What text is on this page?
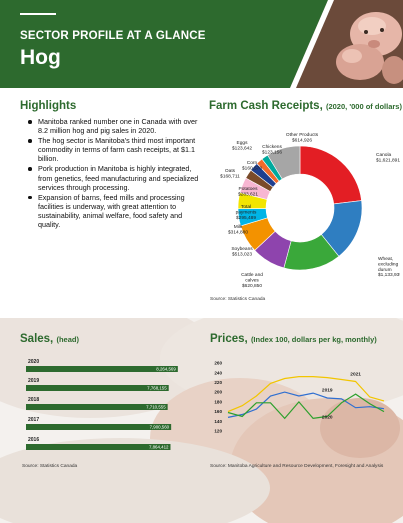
SECTOR PROFILE AT A GLANCE
Hog
Highlights
Manitoba ranked number one in Canada with over 8.2 million hog and pig sales in 2020.
The hog sector is Manitoba's third most important commodity in terms of farm cash receipts, at $1.1 billion.
Pork production in Manitoba is highly integrated, from genetics, feed manufacturing and specialized services through processing.
Expansion of barns, feed mills and processing facilities is underway, with great attention to sustainability, animal welfare, food safety and quality.
Farm Cash Receipts, (2020, '000 of dollars)
Canola $1,621,891
Wheat, excluding durum $1,133,939
Hogs $1,051,790
Cattle and calves $620,850
Soybeans $513,023
Milk $314,880
Total payments $295,489
Potatoes $283,621
Oats $168,711
Corn $160,578
Eggs $123,642 Chickens $123,156
Other Products $614,926
Source: Statistics Canada
Sales, (head)
2020
8,264,569
2019
7,768,155
2018
7,710,555
2017
7,900,560
2016
7,864,412
Source: Statistics Canada
Prices, (Index 100, dollars per kg, monthly)
260
240
220
200
180
160
140
120
2021
2019
2020
Source: Manitoba Agriculture and Resource Development, Foresight and Analysis
